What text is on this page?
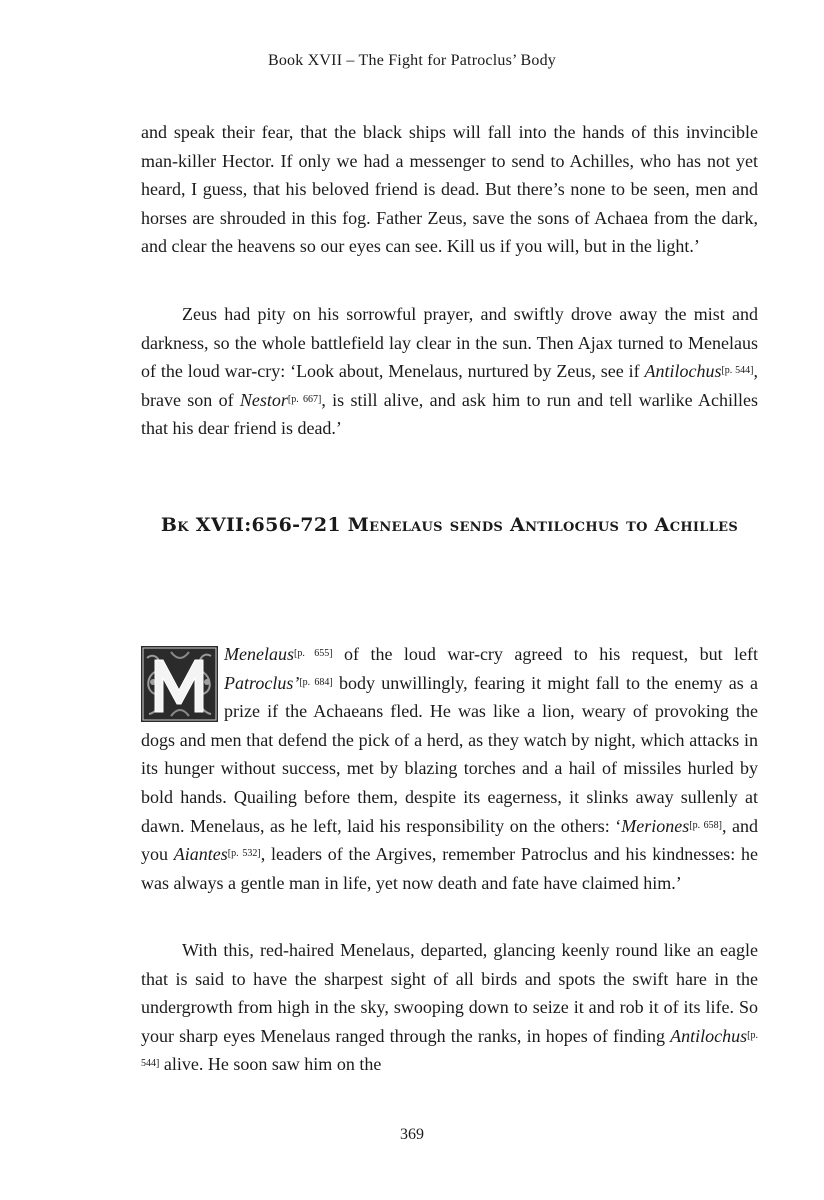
Book XVII – The Fight for Patroclus’ Body

and speak their fear, that the black ships will fall into the hands of this invincible man-killer Hector. If only we had a messenger to send to Achilles, who has not yet heard, I guess, that his beloved friend is dead. But there’s none to be seen, men and horses are shrouded in this fog. Father Zeus, save the sons of Achaea from the dark, and clear the heavens so our eyes can see. Kill us if you will, but in the light.’

Zeus had pity on his sorrowful prayer, and swiftly drove away the mist and darkness, so the whole battlefield lay clear in the sun. Then Ajax turned to Menelaus of the loud war-cry: ‘Look about, Menelaus, nurtured by Zeus, see if Antilochus[p. 544], brave son of Nestor[p. 667], is still alive, and ask him to run and tell warlike Achilles that his dear friend is dead.’

Bk XVII:656-721 Menelaus sends Antilochus to Achilles
Menelaus[p. 655] of the loud war-cry agreed to his request, but left Patroclus’[p. 684] body unwillingly, fearing it might fall to the enemy as a prize if the Achaeans fled. He was like a lion, weary of provoking the dogs and men that defend the pick of a herd, as they watch by night, which attacks in its hunger without success, met by blazing torches and a hail of missiles hurled by bold hands. Quailing before them, despite its eagerness, it slinks away sullenly at dawn. Menelaus, as he left, laid his responsibility on the others: ‘Meriones[p. 658], and you Aiantes[p. 532], leaders of the Argives, remember Patroclus and his kindnesses: he was always a gentle man in life, yet now death and fate have claimed him.’

With this, red-haired Menelaus, departed, glancing keenly round like an eagle that is said to have the sharpest sight of all birds and spots the swift hare in the undergrowth from high in the sky, swooping down to seize it and rob it of its life. So your sharp eyes Menelaus ranged through the ranks, in hopes of finding Antilochus[p. 544] alive. He soon saw him on the

369
